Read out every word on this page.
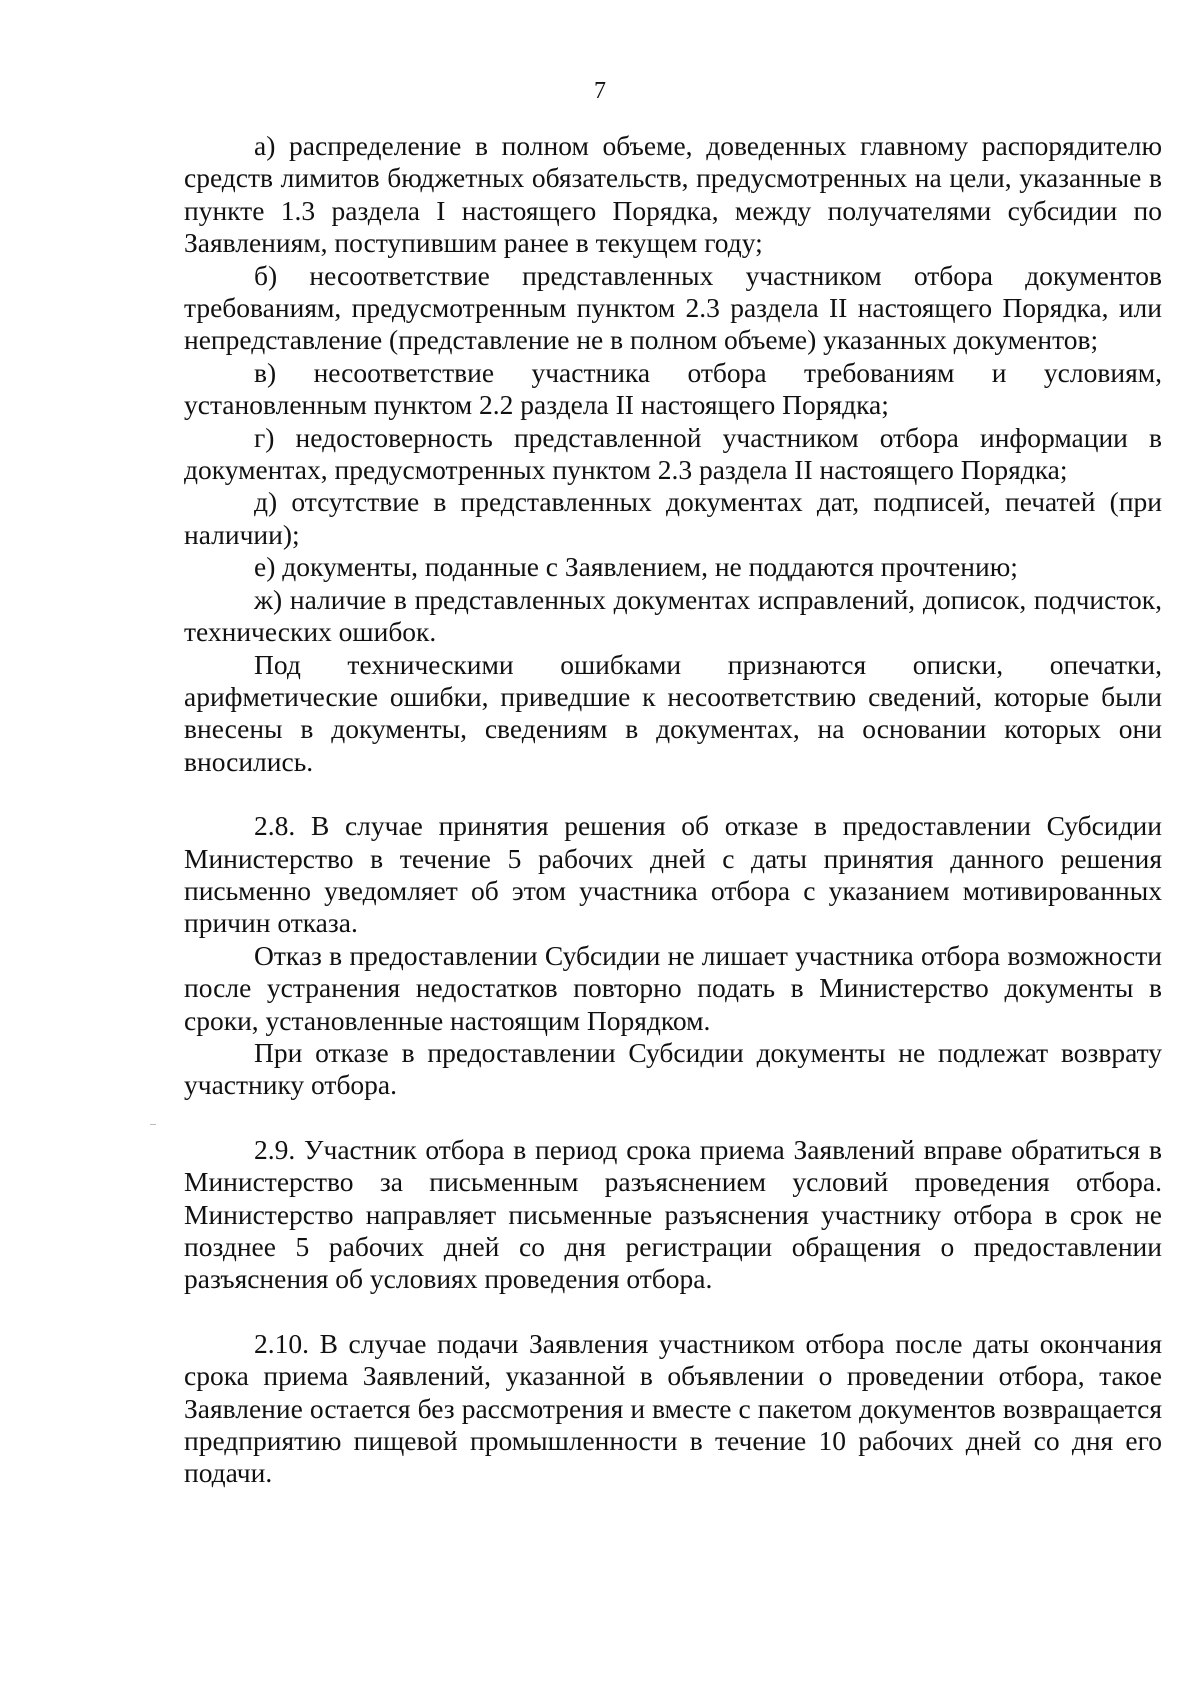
7

а) распределение в полном объеме, доведенных главному распорядителю средств лимитов бюджетных обязательств, предусмотренных на цели, указанные в пункте 1.3 раздела I настоящего Порядка, между получателями субсидии по Заявлениям, поступившим ранее в текущем году;

б) несоответствие представленных участником отбора документов требованиям, предусмотренным пунктом 2.3 раздела II настоящего Порядка, или непредставление (представление не в полном объеме) указанных документов;

в) несоответствие участника отбора требованиям и условиям, установленным пунктом 2.2 раздела II настоящего Порядка;

г) недостоверность представленной участником отбора информации в документах, предусмотренных пунктом 2.3 раздела II настоящего Порядка;

д) отсутствие в представленных документах дат, подписей, печатей (при наличии);

е) документы, поданные с Заявлением, не поддаются прочтению;

ж) наличие в представленных документах исправлений, дописок, подчисток, технических ошибок.

Под техническими ошибками признаются описки, опечатки, арифметические ошибки, приведшие к несоответствию сведений, которые были внесены в документы, сведениям в документах, на основании которых они вносились.

2.8. В случае принятия решения об отказе в предоставлении Субсидии Министерство в течение 5 рабочих дней с даты принятия данного решения письменно уведомляет об этом участника отбора с указанием мотивированных причин отказа.

Отказ в предоставлении Субсидии не лишает участника отбора возможности после устранения недостатков повторно подать в Министерство документы в сроки, установленные настоящим Порядком.

При отказе в предоставлении Субсидии документы не подлежат возврату участнику отбора.

2.9. Участник отбора в период срока приема Заявлений вправе обратиться в Министерство за письменным разъяснением условий проведения отбора. Министерство направляет письменные разъяснения участнику отбора в срок не позднее 5 рабочих дней со дня регистрации обращения о предоставлении разъяснения об условиях проведения отбора.

2.10. В случае подачи Заявления участником отбора после даты окончания срока приема Заявлений, указанной в объявлении о проведении отбора, такое Заявление остается без рассмотрения и вместе с пакетом документов возвращается предприятию пищевой промышленности в течение 10 рабочих дней со дня его подачи.
